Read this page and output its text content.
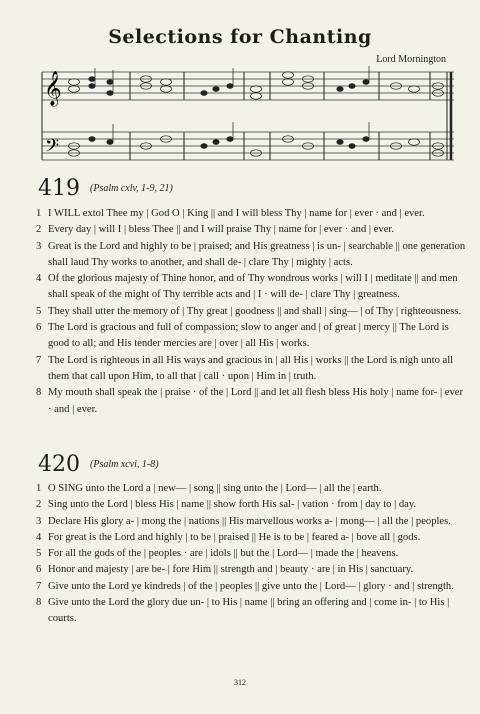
Selections for Chanting
Lord Mornington
𝄞
𝄢
419 (Psalm cxlv, 1-9, 21)

1 I WILL extol Thee my | God O | King || and I will bless Thy | name for | ever · and | ever.

2 Every day | will I | bless Thee || and I will praise Thy | name for | ever · and | ever.

3 Great is the Lord and highly to be | praised; and His greatness | is un- | searchable || one generation shall laud Thy works to another, and shall de- | clare Thy | mighty | acts.

4 Of the glorious majesty of Thine honor, and of Thy wondrous works | will I | meditate || and men shall speak of the might of Thy terrible acts and | I · will de- | clare Thy | greatness.

5 They shall utter the memory of | Thy great | goodness || and shall | sing— | of Thy | righteousness.

6 The Lord is gracious and full of compassion; slow to anger and | of great | mercy || The Lord is good to all; and His tender mercies are | over | all His | works.

7 The Lord is righteous in all His ways and gracious in | all His | works || the Lord is nigh unto all them that call upon Him, to all that | call · upon | Him in | truth.

8 My mouth shall speak the | praise · of the | Lord || and let all flesh bless His holy | name for- | ever · and | ever.

420 (Psalm xcvi, 1-8)

1 O SING unto the Lord a | new— | song || sing unto the | Lord— | all the | earth.

2 Sing unto the Lord | bless His | name || show forth His sal- | vation · from | day to | day.

3 Declare His glory a- | mong the | nations || His marvellous works a- | mong— | all the | peoples.

4 For great is the Lord and highly | to be | praised || He is to be | feared a- | bove all | gods.

5 For all the gods of the | peoples · are | idols || but the | Lord— | made the | heavens.

6 Honor and majesty | are be- | fore Him || strength and | beauty · are | in His | sanctuary.

7 Give unto the Lord ye kindreds | of the | peoples || give unto the | Lord— | glory · and | strength.

8 Give unto the Lord the glory due un- | to His | name || bring an offering and | come in- | to His | courts.

312
